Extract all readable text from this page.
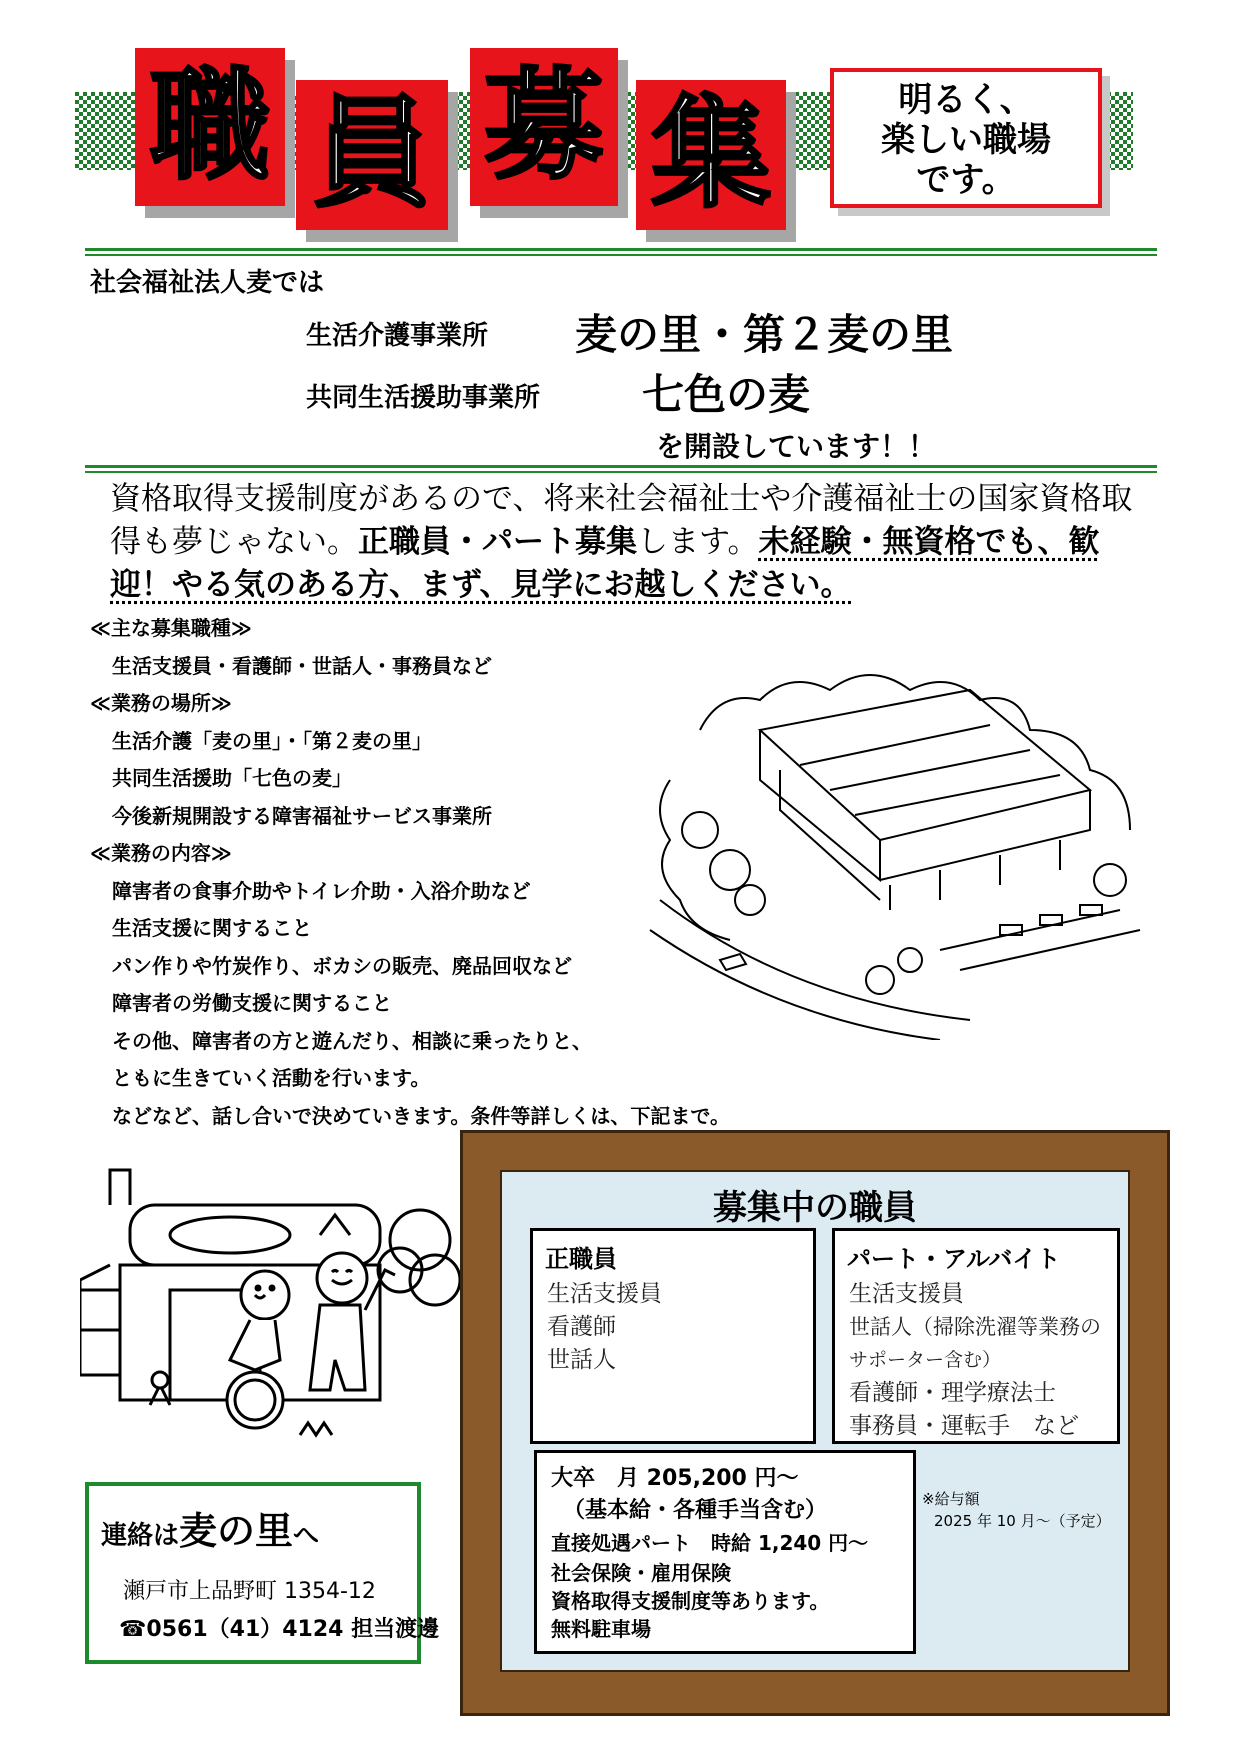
職 員 募 集	明るく、
楽しい職場
です。
社会福祉法人麦では
生活介護事業所 麦の里・第２麦の里
共同生活援助事業所 七色の麦
を開設しています！！
資格取得支援制度があるので、将来社会福祉士や介護福祉士の国家資格取得も夢じゃない。正職員・パート募集します。未経験・無資格でも、歓迎！やる気のある方、まず、見学にお越しください。
≪主な募集職種≫
生活支援員・看護師・世話人・事務員など
≪業務の場所≫
生活介護「麦の里」・「第２麦の里」
共同生活援助「七色の麦」
今後新規開設する障害福祉サービス事業所
≪業務の内容≫
障害者の食事介助やトイレ介助・入浴介助など
生活支援に関すること
パン作りや竹炭作り、ボカシの販売、廃品回収など
障害者の労働支援に関すること
その他、障害者の方と遊んだり、相談に乗ったりと、
ともに生きていく活動を行います。
などなど、話し合いで決めていきます。条件等詳しくは、下記まで。
連絡は麦の里へ
瀬戸市上品野町 1354-12
☎0561（41）4124 担当渡邊
募集中の職員
正職員
生活支援員
看護師
世話人
パート・アルバイト
生活支援員
世話人（掃除洗濯等業務の
サポーター含む）
看護師・理学療法士
事務員・運転手　など
大卒　月 205,200 円～
（基本給・各種手当含む）
直接処遇パート　時給 1,240 円～
社会保険・雇用保険
資格取得支援制度等あります。
無料駐車場
※給与額
2025 年 10 月～（予定）
